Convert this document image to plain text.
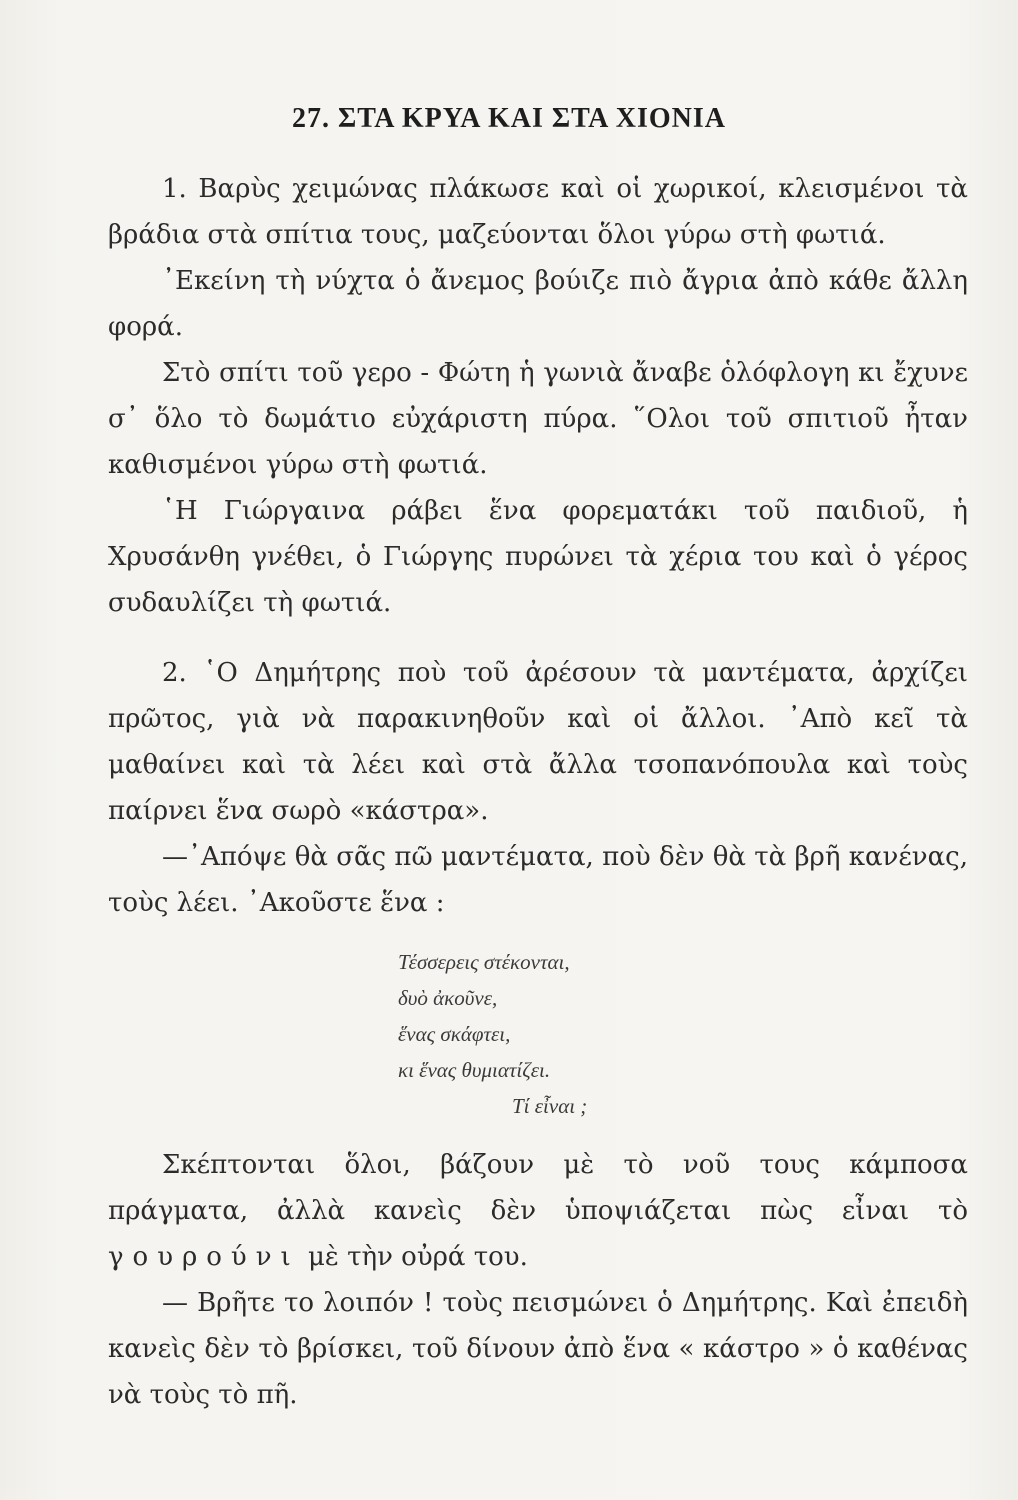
27. ΣΤΑ ΚΡΥΑ ΚΑΙ ΣΤΑ ΧΙΟΝΙΑ

1. Βαρὺς χειμώνας πλάκωσε καὶ οἱ χωρικοί, κλεισμένοι τὰ βράδια στὰ σπίτια τους, μαζεύονται ὅλοι γύρω στὴ φωτιά.

᾽Εκείνη τὴ νύχτα ὁ ἄνεμος βούιζε πιὸ ἄγρια ἀπὸ κάθε ἄλλη φορά.

Στὸ σπίτι τοῦ γερο - Φώτη ἡ γωνιὰ ἄναβε ὁλόφλογη κι ἔχυνε σ᾽ ὅλο τὸ δωμάτιο εὐχάριστη πύρα. ῞Ολοι τοῦ σπιτιοῦ ἦταν καθισμένοι γύρω στὴ φωτιά.

῾Η Γιώργαινα ράβει ἕνα φορεματάκι τοῦ παιδιοῦ, ἡ Χρυσάνθη γνέθει, ὁ Γιώργης πυρώνει τὰ χέρια του καὶ ὁ γέρος συδαυλίζει τὴ φωτιά.

2. ῾Ο Δημήτρης ποὺ τοῦ ἀρέσουν τὰ μαντέματα, ἀρχίζει πρῶτος, γιὰ νὰ παρακινηθοῦν καὶ οἱ ἄλλοι. ᾽Απὸ κεῖ τὰ μαθαίνει καὶ τὰ λέει καὶ στὰ ἄλλα τσοπανόπουλα καὶ τοὺς παίρνει ἕνα σωρὸ «κάστρα».

—᾽Απόψε θὰ σᾶς πῶ μαντέματα, ποὺ δὲν θὰ τὰ βρῆ κανένας, τοὺς λέει. ᾽Ακοῦστε ἕνα :

Τέσσερεις στέκονται,
δυὸ ἀκοῦνε,
ἕνας σκάφτει,
κι ἕνας θυμιατίζει.
Τί εἶναι ;

Σκέπτονται ὅλοι, βάζουν μὲ τὸ νοῦ τους κάμποσα πράγματα, ἀλλὰ κανεὶς δὲν ὑποψιάζεται πὼς εἶναι τὸ γουρούνι μὲ τὴν οὐρά του.

— Βρῆτε το λοιπόν ! τοὺς πεισμώνει ὁ Δημήτρης. Καὶ ἐπειδὴ κανεὶς δὲν τὸ βρίσκει, τοῦ δίνουν ἀπὸ ἕνα « κάστρο » ὁ καθένας νὰ τοὺς τὸ πῆ.
